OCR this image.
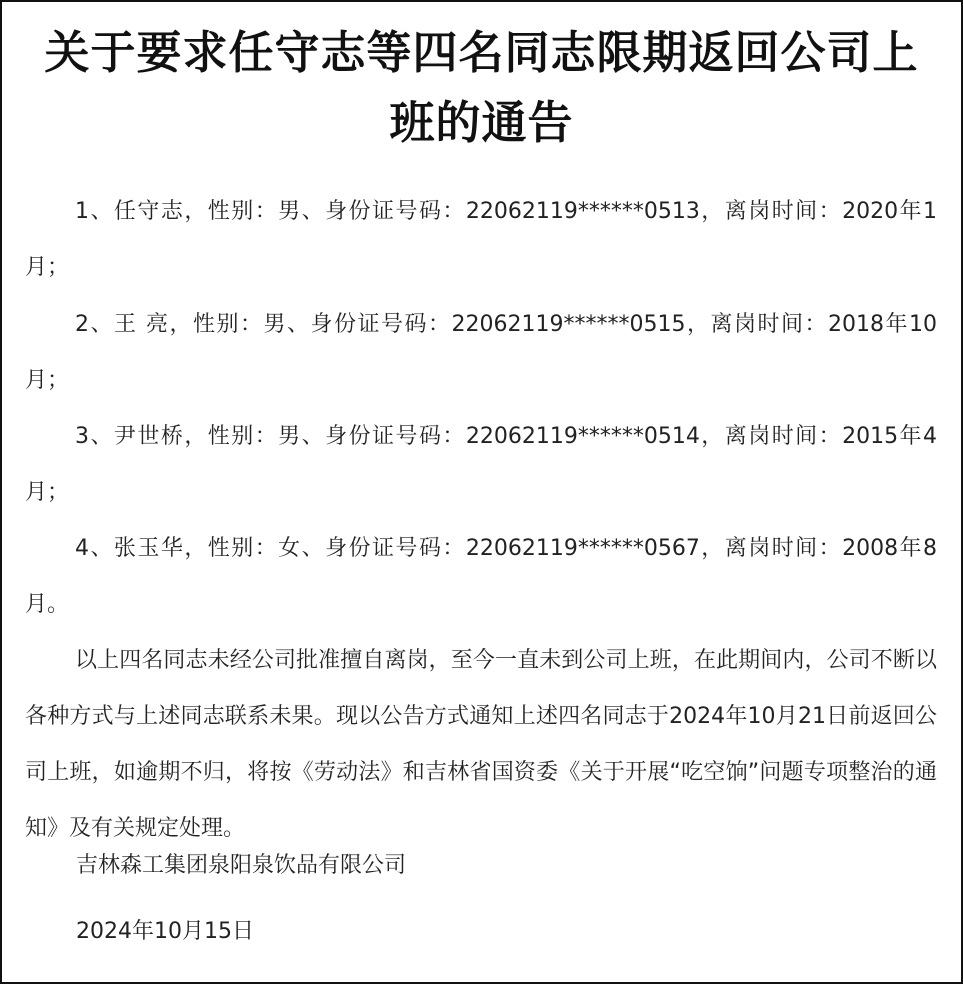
关于要求任守志等四名同志限期返回公司上班的通告

1、任守志，性别：男、身份证号码：22062119******0513，离岗时间：2020年1月；

2、王 亮，性别：男、身份证号码：22062119******0515，离岗时间：2018年10月；

3、尹世桥，性别：男、身份证号码：22062119******0514，离岗时间：2015年4月；

4、张玉华，性别：女、身份证号码：22062119******0567，离岗时间：2008年8月。

以上四名同志未经公司批准擅自离岗，至今一直未到公司上班，在此期间内，公司不断以各种方式与上述同志联系未果。现以公告方式通知上述四名同志于2024年10月21日前返回公司上班，如逾期不归，将按《劳动法》和吉林省国资委《关于开展“吃空饷”问题专项整治的通知》及有关规定处理。

吉林森工集团泉阳泉饮品有限公司

2024年10月15日
